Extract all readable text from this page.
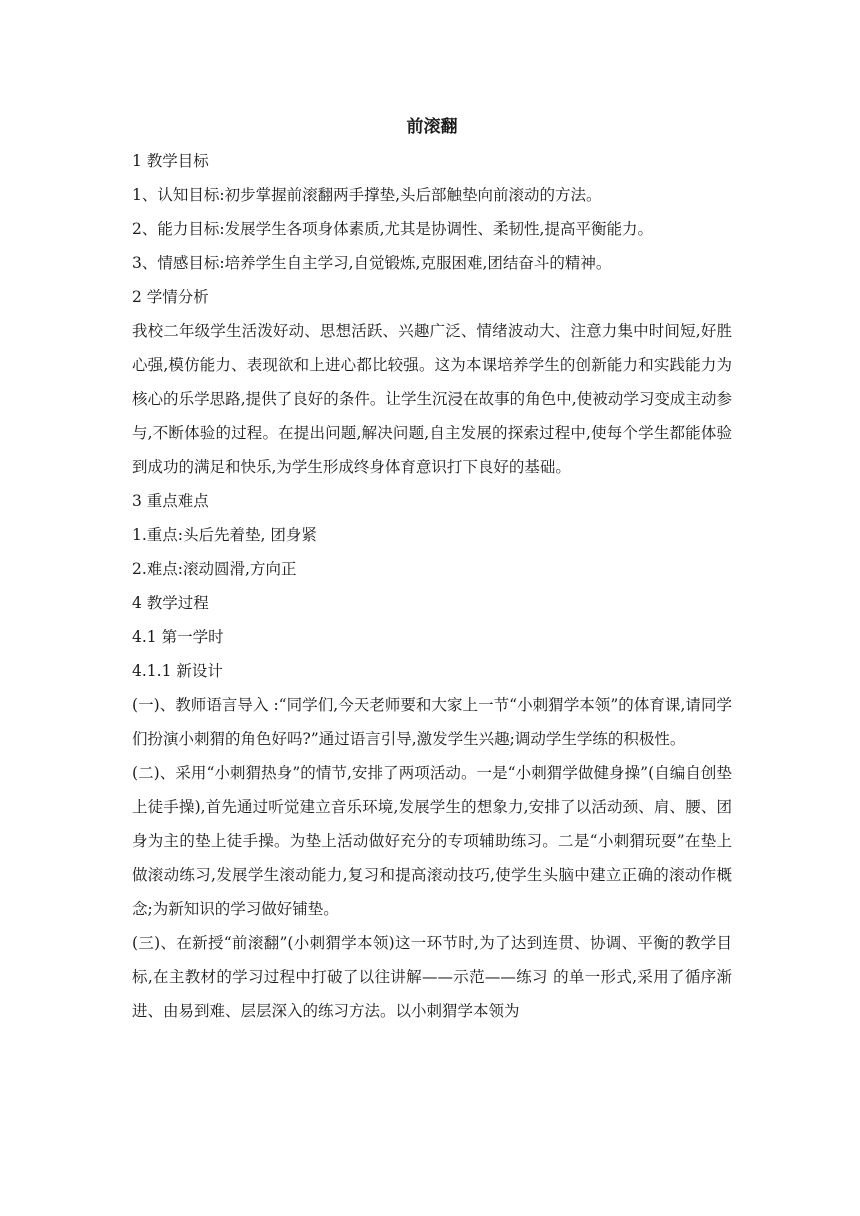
前滚翻

1 教学目标

1、认知目标:初步掌握前滚翻两手撑垫,头后部触垫向前滚动的方法。

2、能力目标:发展学生各项身体素质,尤其是协调性、柔韧性,提高平衡能力。

3、情感目标:培养学生自主学习,自觉锻炼,克服困难,团结奋斗的精神。

2 学情分析

我校二年级学生活泼好动、思想活跃、兴趣广泛、情绪波动大、注意力集中时间短,好胜心强,模仿能力、表现欲和上进心都比较强。这为本课培养学生的创新能力和实践能力为核心的乐学思路,提供了良好的条件。让学生沉浸在故事的角色中,使被动学习变成主动参与,不断体验的过程。在提出问题,解决问题,自主发展的探索过程中,使每个学生都能体验到成功的满足和快乐,为学生形成终身体育意识打下良好的基础。

3 重点难点

1.重点:头后先着垫, 团身紧

2.难点:滚动圆滑,方向正

4 教学过程

4.1 第一学时

4.1.1 新设计

(一)、教师语言导入 :“同学们,今天老师要和大家上一节“小刺猬学本领”的体育课,请同学们扮演小刺猬的角色好吗?”通过语言引导,激发学生兴趣;调动学生学练的积极性。

(二)、采用“小刺猬热身”的情节,安排了两项活动。一是“小刺猬学做健身操”(自编自创垫上徒手操),首先通过听觉建立音乐环境,发展学生的想象力,安排了以活动颈、肩、腰、团身为主的垫上徒手操。为垫上活动做好充分的专项辅助练习。二是“小刺猬玩耍”在垫上做滚动练习,发展学生滚动能力,复习和提高滚动技巧,使学生头脑中建立正确的滚动作概念;为新知识的学习做好铺垫。

(三)、在新授“前滚翻”(小刺猬学本领)这一环节时,为了达到连贯、协调、平衡的教学目标,在主教材的学习过程中打破了以往讲解——示范——练习 的单一形式,采用了循序渐进、由易到难、层层深入的练习方法。以小刺猬学本领为
